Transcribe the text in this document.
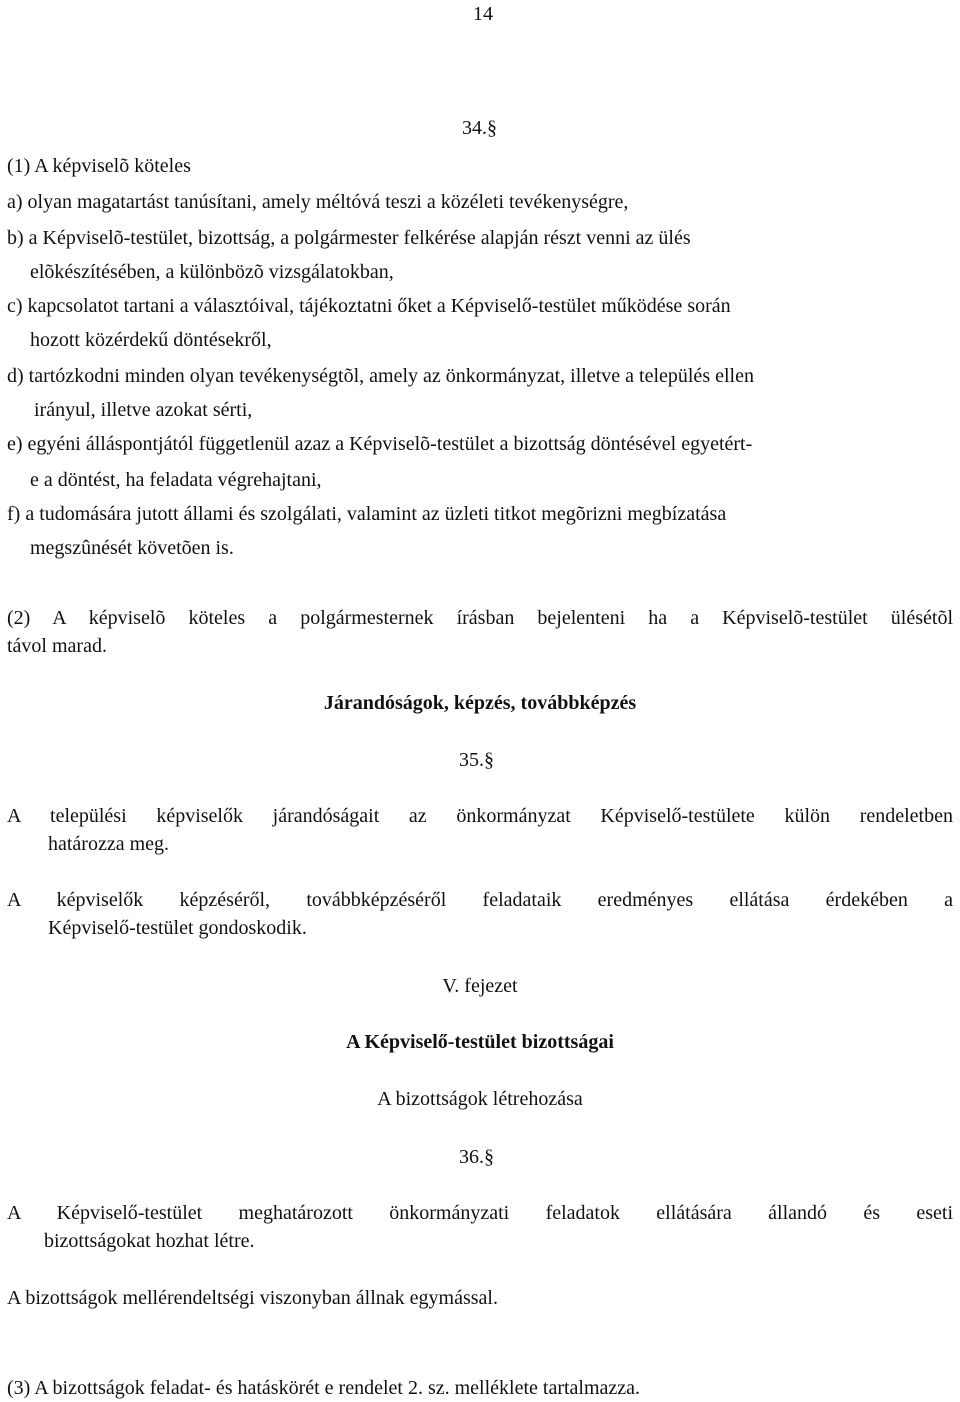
14
34.§
(1) A képviselõ köteles
a) olyan magatartást tanúsítani, amely méltóvá teszi a közéleti tevékenységre,
b) a Képviselõ-testület, bizottság, a polgármester felkérése alapján részt venni az ülés
elõkészítésében, a különbözõ vizsgálatokban,
c) kapcsolatot tartani a választóival, tájékoztatni őket a Képviselő-testület működése során
hozott közérdekű döntésekről,
d) tartózkodni minden olyan tevékenységtõl, amely az önkormányzat, illetve a település ellen
irányul, illetve azokat sérti,
e) egyéni álláspontjától függetlenül azaz a Képviselõ-testület a bizottság döntésével egyetért-
e a döntést, ha feladata végrehajtani,
f) a tudomására jutott állami és szolgálati, valamint az üzleti titkot megõrizni megbízatása
megszûnését követõen is.
(2) A képviselõ köteles a polgármesternek írásban bejelenteni ha a Képviselõ-testület ülésétõl
távol marad.
Járandóságok, képzés, továbbképzés
35.§
A települési képviselők járandóságait az önkormányzat Képviselő-testülete külön rendeletben
határozza meg.
A képviselők képzéséről, továbbképzéséről feladataik eredményes ellátása érdekében a
Képviselő-testület gondoskodik.
V. fejezet
A Képviselő-testület bizottságai
A bizottságok létrehozása
36.§
A Képviselő-testület meghatározott önkormányzati feladatok ellátására állandó és eseti
bizottságokat hozhat létre.
A bizottságok mellérendeltségi viszonyban állnak egymással.
(3) A bizottságok feladat- és hatáskörét e rendelet 2. sz. melléklete tartalmazza.
